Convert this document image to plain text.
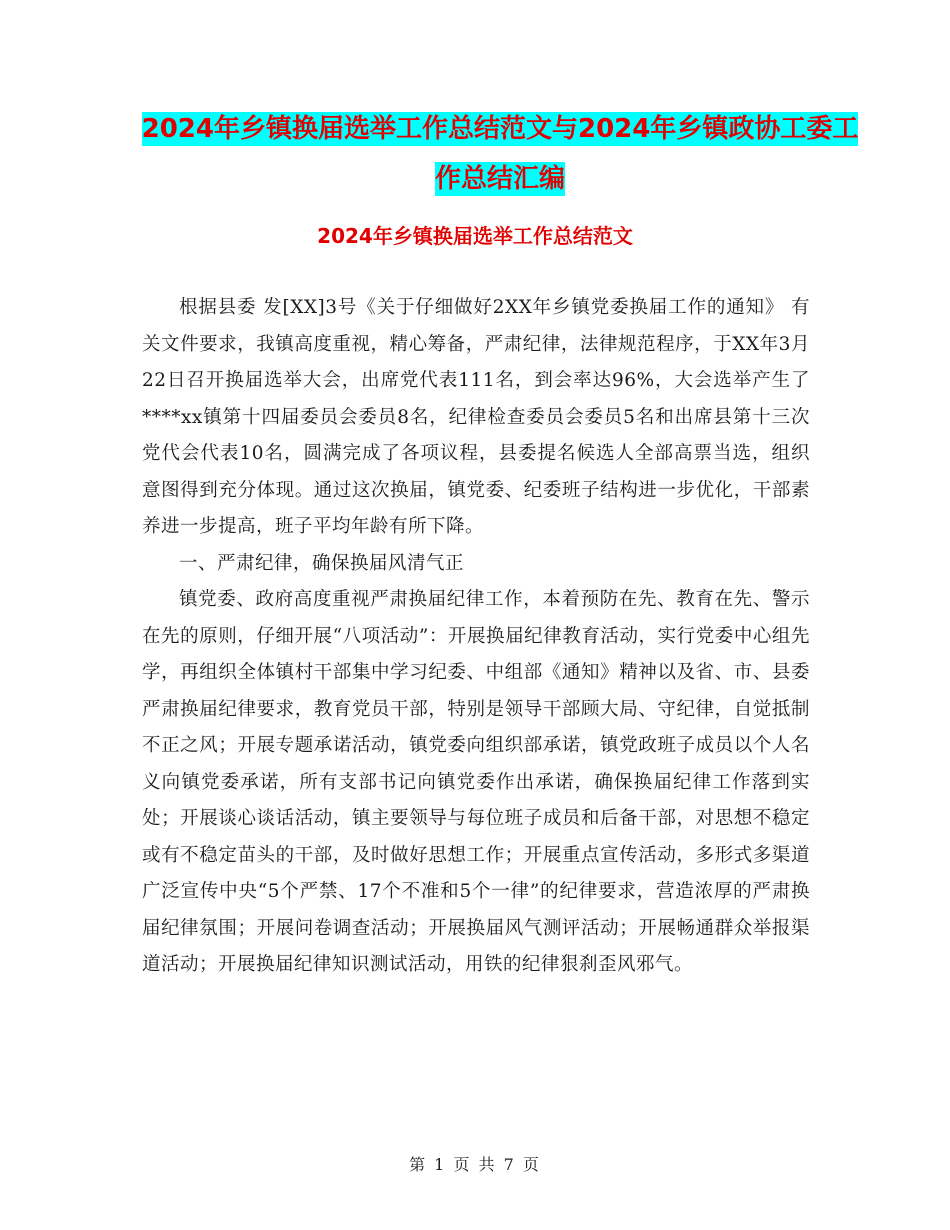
2024年乡镇换届选举工作总结范文与2024年乡镇政协工委工作总结汇编
2024年乡镇换届选举工作总结范文

根据县委 发[XX]3号《关于仔细做好2XX年乡镇党委换届工作的通知》 有关文件要求，我镇高度重视，精心筹备，严肃纪律，法律规范程序，于XX年3月22日召开换届选举大会，出席党代表111名，到会率达96%，大会选举产生了****xx镇第十四届委员会委员8名，纪律检查委员会委员5名和出席县第十三次党代会代表10名，圆满完成了各项议程，县委提名候选人全部高票当选，组织意图得到充分体现。通过这次换届，镇党委、纪委班子结构进一步优化，干部素养进一步提高，班子平均年龄有所下降。

一、严肃纪律，确保换届风清气正

镇党委、政府高度重视严肃换届纪律工作，本着预防在先、教育在先、警示在先的原则，仔细开展“八项活动”：开展换届纪律教育活动，实行党委中心组先学，再组织全体镇村干部集中学习纪委、中组部《通知》精神以及省、市、县委严肃换届纪律要求，教育党员干部，特别是领导干部顾大局、守纪律，自觉抵制不正之风；开展专题承诺活动，镇党委向组织部承诺，镇党政班子成员以个人名义向镇党委承诺，所有支部书记向镇党委作出承诺，确保换届纪律工作落到实处；开展谈心谈话活动，镇主要领导与每位班子成员和后备干部，对思想不稳定或有不稳定苗头的干部，及时做好思想工作；开展重点宣传活动，多形式多渠道广泛宣传中央“5个严禁、17个不准和5个一律”的纪律要求，营造浓厚的严肃换届纪律氛围；开展问卷调查活动；开展换届风气测评活动；开展畅通群众举报渠道活动；开展换届纪律知识测试活动，用铁的纪律狠刹歪风邪气。

第 1 页 共 7 页
